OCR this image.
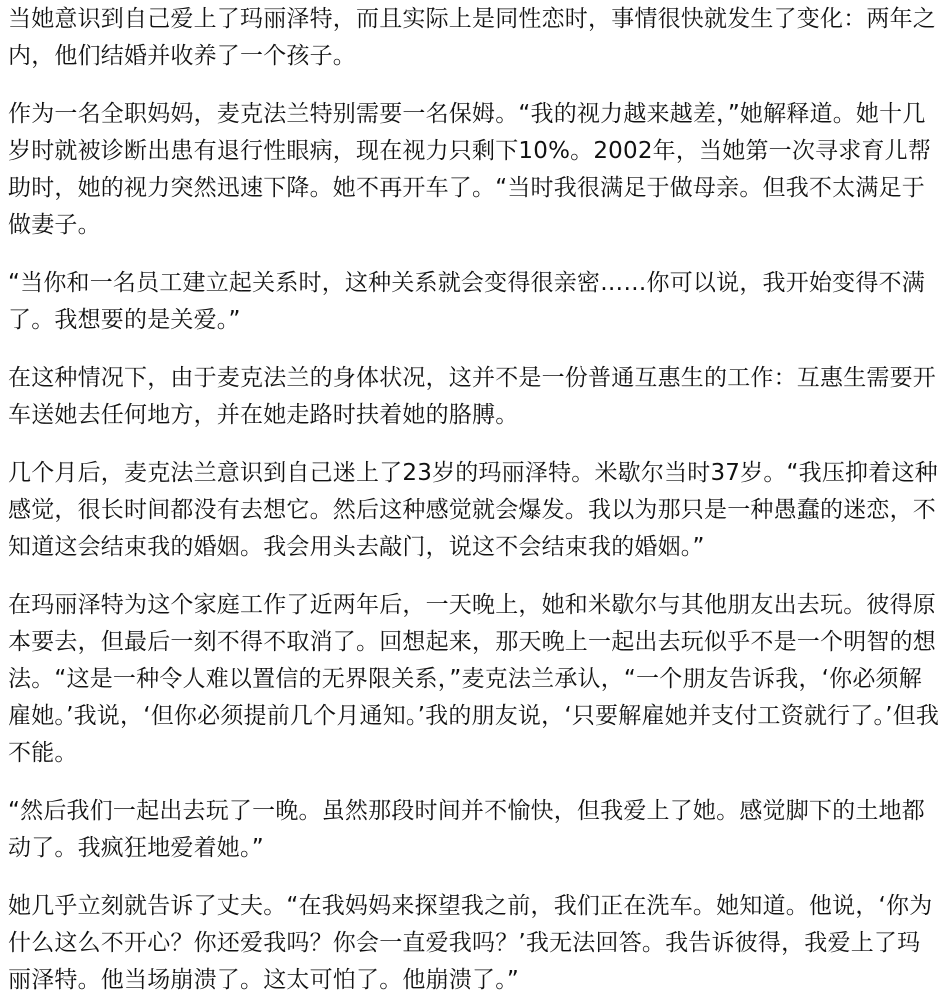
当她意识到自己爱上了玛丽泽特，而且实际上是同性恋时，事情很快就发生了变化：两年之内，他们结婚并收养了一个孩子。

作为一名全职妈妈，麦克法兰特别需要一名保姆。“我的视力越来越差，”她解释道。她十几岁时就被诊断出患有退行性眼病，现在视力只剩下10%。2002年，当她第一次寻求育儿帮助时，她的视力突然迅速下降。她不再开车了。“当时我很满足于做母亲。但我不太满足于做妻子。

“当你和一名员工建立起关系时，这种关系就会变得很亲密……你可以说，我开始变得不满了。我想要的是关爱。”

在这种情况下，由于麦克法兰的身体状况，这并不是一份普通互惠生的工作：互惠生需要开车送她去任何地方，并在她走路时扶着她的胳膊。

几个月后，麦克法兰意识到自己迷上了23岁的玛丽泽特。米歇尔当时37岁。“我压抑着这种感觉，很长时间都没有去想它。然后这种感觉就会爆发。我以为那只是一种愚蠢的迷恋，不知道这会结束我的婚姻。我会用头去敲门，说这不会结束我的婚姻。”

在玛丽泽特为这个家庭工作了近两年后，一天晚上，她和米歇尔与其他朋友出去玩。彼得原本要去，但最后一刻不得不取消了。回想起来，那天晚上一起出去玩似乎不是一个明智的想法。“这是一种令人难以置信的无界限关系，”麦克法兰承认，“一个朋友告诉我，‘你必须解雇她。’我说，‘但你必须提前几个月通知。’我的朋友说，‘只要解雇她并支付工资就行了。’但我不能。

“然后我们一起出去玩了一晚。虽然那段时间并不愉快，但我爱上了她。感觉脚下的土地都动了。我疯狂地爱着她。”

她几乎立刻就告诉了丈夫。“在我妈妈来探望我之前，我们正在洗车。她知道。他说，‘你为什么这么不开心？你还爱我吗？你会一直爱我吗？’我无法回答。我告诉彼得，我爱上了玛丽泽特。他当场崩溃了。这太可怕了。他崩溃了。”
